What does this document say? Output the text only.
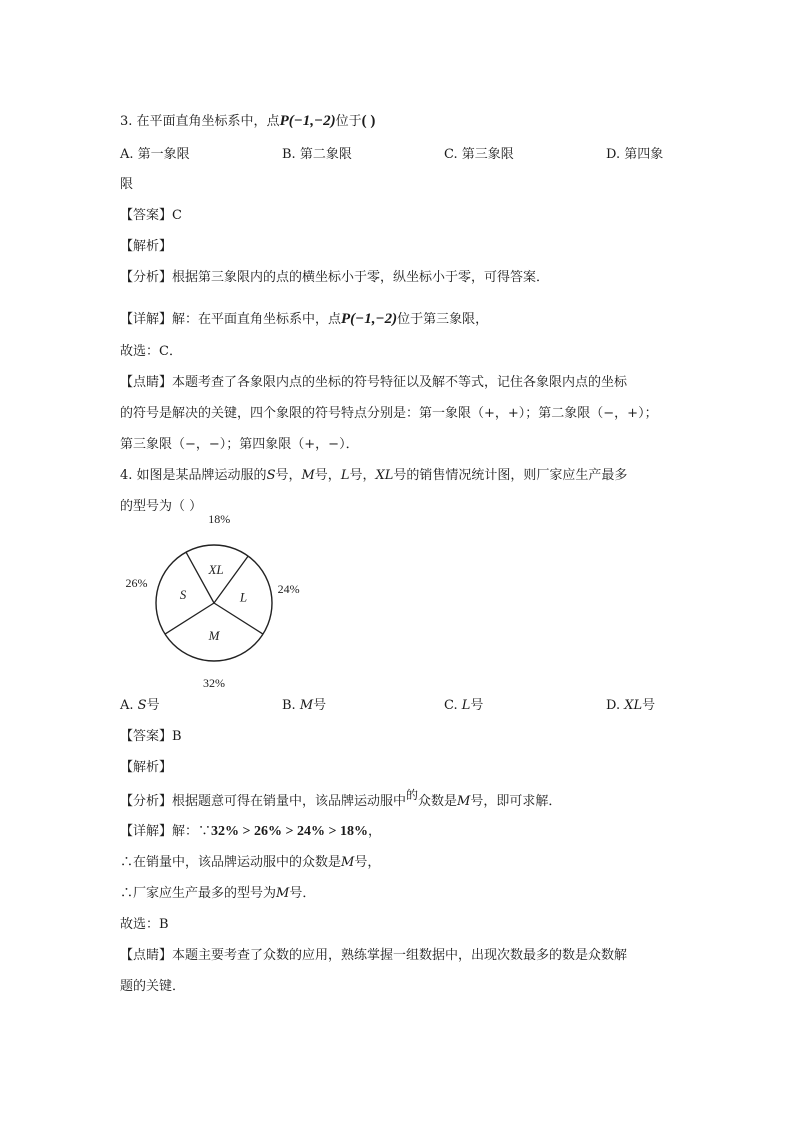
3. 在平面直角坐标系中，点P(−1,−2)位于( )
A. 第一象限	B. 第二象限	C. 第三象限	D. 第四象
限
【答案】C
【解析】
【分析】根据第三象限内的点的横坐标小于零，纵坐标小于零，可得答案．
【详解】解：在平面直角坐标系中，点P(−1,−2)位于第三象限，
故选：C．
【点睛】本题考查了各象限内点的坐标的符号特征以及解不等式，记住各象限内点的坐标
的符号是解决的关键，四个象限的符号特点分别是：第一象限（+，+）；第二象限（−，+）；
第三象限（−，−）；第四象限（+，−）．
4. 如图是某品牌运动服的S号，M号，L号，XL号的销售情况统计图，则厂家应生产最多
的型号为（ ）
L
24%
M
32%
S
26%
XL
18%
A. S号	B. M号	C. L号	D. XL号
【答案】B
【解析】
【分析】根据题意可得在销量中，该品牌运动服中的众数是M号，即可求解．
【详解】解：∵32% > 26% > 24% > 18%，
∴在销量中，该品牌运动服中的众数是M号，
∴厂家应生产最多的型号为M号．
故选：B
【点睛】本题主要考查了众数的应用，熟练掌握一组数据中，出现次数最多的数是众数解
题的关键．
